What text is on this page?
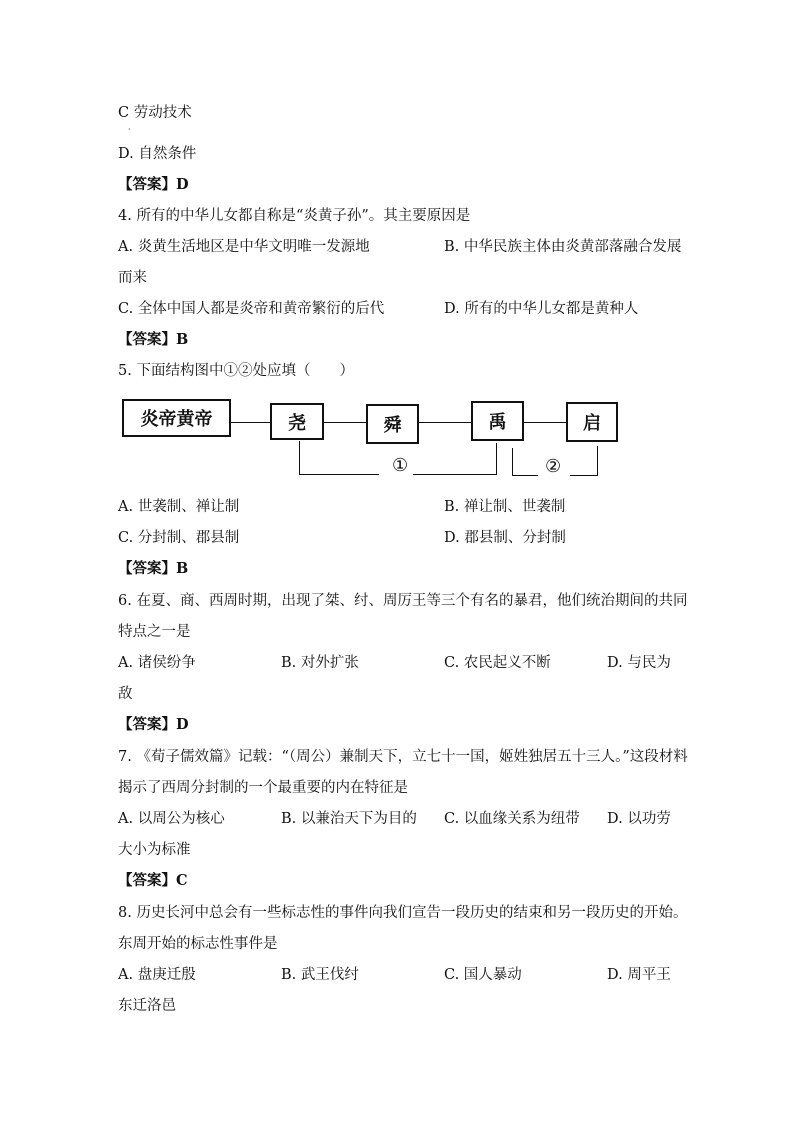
C 劳动技术
·
D. 自然条件
【答案】D
4. 所有的中华儿女都自称是“炎黄子孙”。其主要原因是
A. 炎黄生活地区是中华文明唯一发源地	B. 中华民族主体由炎黄部落融合发展
而来
C. 全体中国人都是炎帝和黄帝繁衍的后代	D. 所有的中华儿女都是黄种人
【答案】B
5. 下面结构图中①②处应填（　　）
炎帝黄帝	尧	舜	禹	启
①	②
A. 世袭制、禅让制	B. 禅让制、世袭制
C. 分封制、郡县制	D. 郡县制、分封制
【答案】B
6. 在夏、商、西周时期，出现了桀、纣、周厉王等三个有名的暴君，他们统治期间的共同
特点之一是
A. 诸侯纷争	B. 对外扩张	C. 农民起义不断	D. 与民为
敌
【答案】D
7. 《荀子儒效篇》记载：“（周公）兼制天下，立七十一国，姬姓独居五十三人。”这段材料
揭示了西周分封制的一个最重要的内在特征是
A. 以周公为核心	B. 以兼治天下为目的 C. 以血缘关系为纽带 D. 以功劳
大小为标准
【答案】C
8. 历史长河中总会有一些标志性的事件向我们宣告一段历史的结束和另一段历史的开始。
东周开始的标志性事件是
A. 盘庚迁殷	B. 武王伐纣	C. 国人暴动	D. 周平王
东迁洛邑
